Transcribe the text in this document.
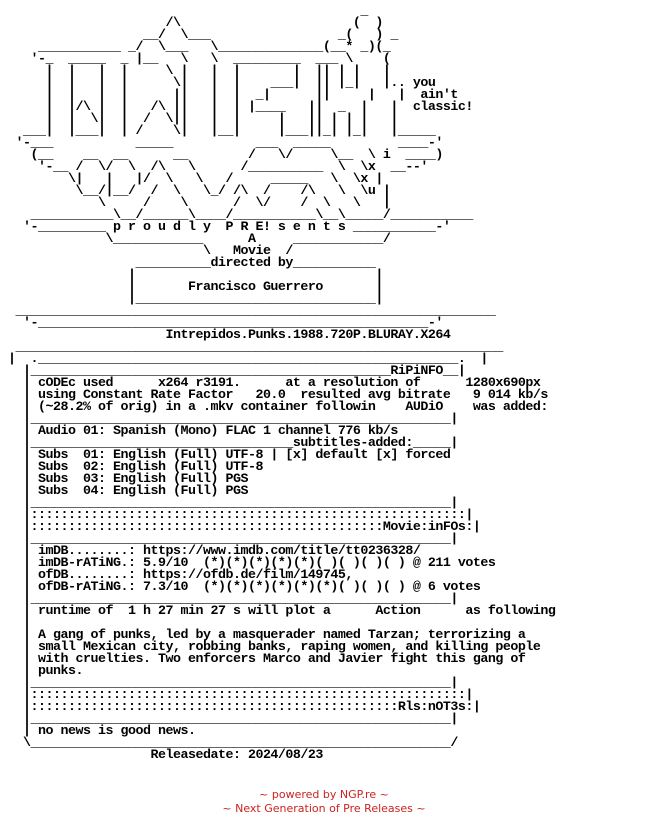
_
/\                       (  )
__/  \___                 _(   ) _
___________ _/  \___   \______________(__* _)(_
'-_  _____  _ |__   \   \  _________  ___ \    (
|  |   |  |     \ |   |  |       |  || | |   |
|  |   |  |      \|   |  |    ___|  || |_|   |.. you
|  |   |  |      ||   |  |  _|      ||     |   |  ain't
|  |/\ |  |   /\ ||   |  | |____   ||  _  |   |  classic!
|  |  \|  |  /  \||   |  |     |   || | | |   |
___|  |___|  | /    \|   |__|     |___||_| |_|   |_____
'-___           _____           ___  _____         ____-'
(__    __  __      __        /   \/     \__  \ i  ____)
'-__ /  \/  \  /\   \      /__________  \  \x  __--'
\|   |   |/  \   \   /     _____   \  \x |
\__/|__/  /  \   \_/ /\  /    /\   \  \u |
\     /    \      /  \/    /  \   \   |
___________\__/______\____/___________\__\_____/___________
'-_________ p r o u d l y  P R E! s e n t s ___________-'
\____________      A     ____________/
\   Movie  /
__________directed by___________
|                                |
|       Francisco Guerrero       |
|________________________________|
________________________________________________________________
'-____________________________________________________-'
Intrepidos.Punks.1988.720P.BLURAY.X264
_________________________________________________________________
|  .________________________________________________________.  |
|________________________________________________RiPiNFO__|
| cODEc used      x264 r3191.      at a resolution of      1280x690px
| using Constant Rate Factor   20.0  resulted avg bitrate   9 014 kb/s
| (~28.2% of orig) in a .mkv container followin    AUDiO    was added:
|________________________________________________________|
| Audio 01: Spanish (Mono) FLAC 1 channel 776 kb/s
|___________________________________subtitles-added:_____|
| Subs  01: English (Full) UTF-8 | [x] default [x] forced
| Subs  02: English (Full) UTF-8
| Subs  03: English (Full) PGS
| Subs  04: English (Full) PGS
|________________________________________________________|
|::::::::::::::::::::::::::::::::::::::::::::::::::::::::::|
|:::::::::::::::::::::::::::::::::::::::::::::::Movie:inFOs:|
|________________________________________________________|
| imDB........: https://www.imdb.com/title/tt0236328/
| imDB-rATiNG.: 5.9/10  (*)(*)(*)(*)(*)( )( )( )( ) @ 211 votes
| ofDB........: https://ofdb.de/film/149745,
| ofDB-rATiNG.: 7.3/10  (*)(*)(*)(*)(*)(*)( )( )( ) @ 6 votes
|________________________________________________________|
| runtime of  1 h 27 min 27 s will plot a      Action      as following
|
| A gang of punks, led by a masquerader named Tarzan; terrorizing a
| small Mexican city, robbing banks, raping women, and killing people
| with cruelties. Two enforcers Marco and Javier fight this gang of
| punks.
|________________________________________________________|
|::::::::::::::::::::::::::::::::::::::::::::::::::::::::::|
|:::::::::::::::::::::::::::::::::::::::::::::::::Rls:nOT3s:|
|________________________________________________________|
| no news is good news.
\________________________________________________________/
Releasedate: 2024/08/23
~ powered by NGP.re ~
~ Next Generation of Pre Releases ~
